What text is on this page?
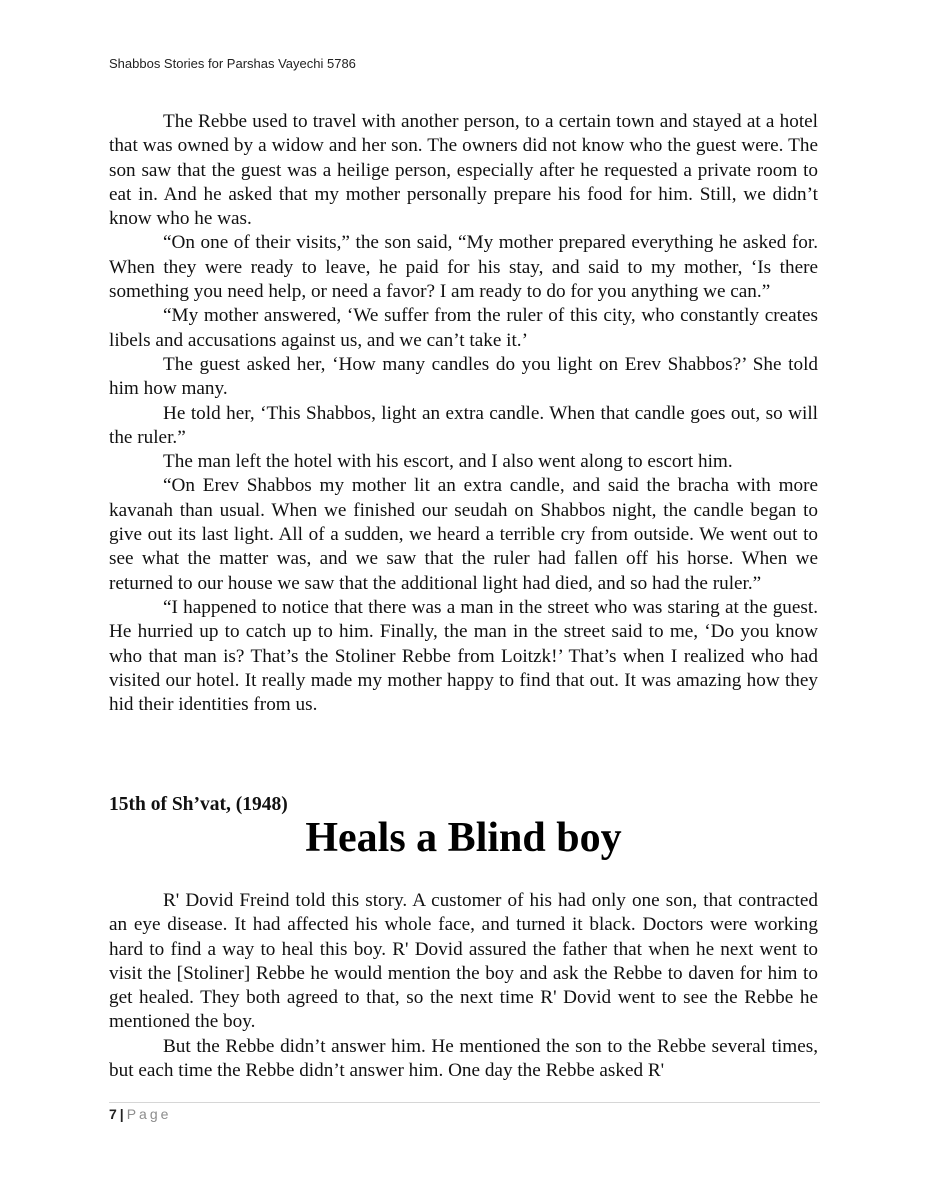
Shabbos Stories for Parshas Vayechi 5786

The Rebbe used to travel with another person, to a certain town and stayed at a hotel that was owned by a widow and her son. The owners did not know who the guest were. The son saw that the guest was a heilige person, especially after he requested a private room to eat in. And he asked that my mother personally prepare his food for him. Still, we didn’t know who he was.

“On one of their visits,” the son said, “My mother prepared everything he asked for. When they were ready to leave, he paid for his stay, and said to my mother, ‘Is there something you need help, or need a favor? I am ready to do for you anything we can.”

“My mother answered, ‘We suffer from the ruler of this city, who constantly creates libels and accusations against us, and we can’t take it.’

The guest asked her, ‘How many candles do you light on Erev Shabbos?’ She told him how many.

He told her, ‘This Shabbos, light an extra candle. When that candle goes out, so will the ruler.”

The man left the hotel with his escort, and I also went along to escort him.

“On Erev Shabbos my mother lit an extra candle, and said the bracha with more kavanah than usual. When we finished our seudah on Shabbos night, the candle began to give out its last light. All of a sudden, we heard a terrible cry from outside. We went out to see what the matter was, and we saw that the ruler had fallen off his horse. When we returned to our house we saw that the additional light had died, and so had the ruler.”

“I happened to notice that there was a man in the street who was staring at the guest. He hurried up to catch up to him. Finally, the man in the street said to me, ‘Do you know who that man is? That’s the Stoliner Rebbe from Loitzk!’ That’s when I realized who had visited our hotel. It really made my mother happy to find that out. It was amazing how they hid their identities from us.

15th of Sh’vat, (1948)
Heals a Blind boy

R' Dovid Freind told this story. A customer of his had only one son, that contracted an eye disease. It had affected his whole face, and turned it black. Doctors were working hard to find a way to heal this boy. R' Dovid assured the father that when he next went to visit the [Stoliner] Rebbe he would mention the boy and ask the Rebbe to daven for him to get healed. They both agreed to that, so the next time R' Dovid went to see the Rebbe he mentioned the boy.

But the Rebbe didn’t answer him. He mentioned the son to the Rebbe several times, but each time the Rebbe didn’t answer him. One day the Rebbe asked R'

7 | Page
